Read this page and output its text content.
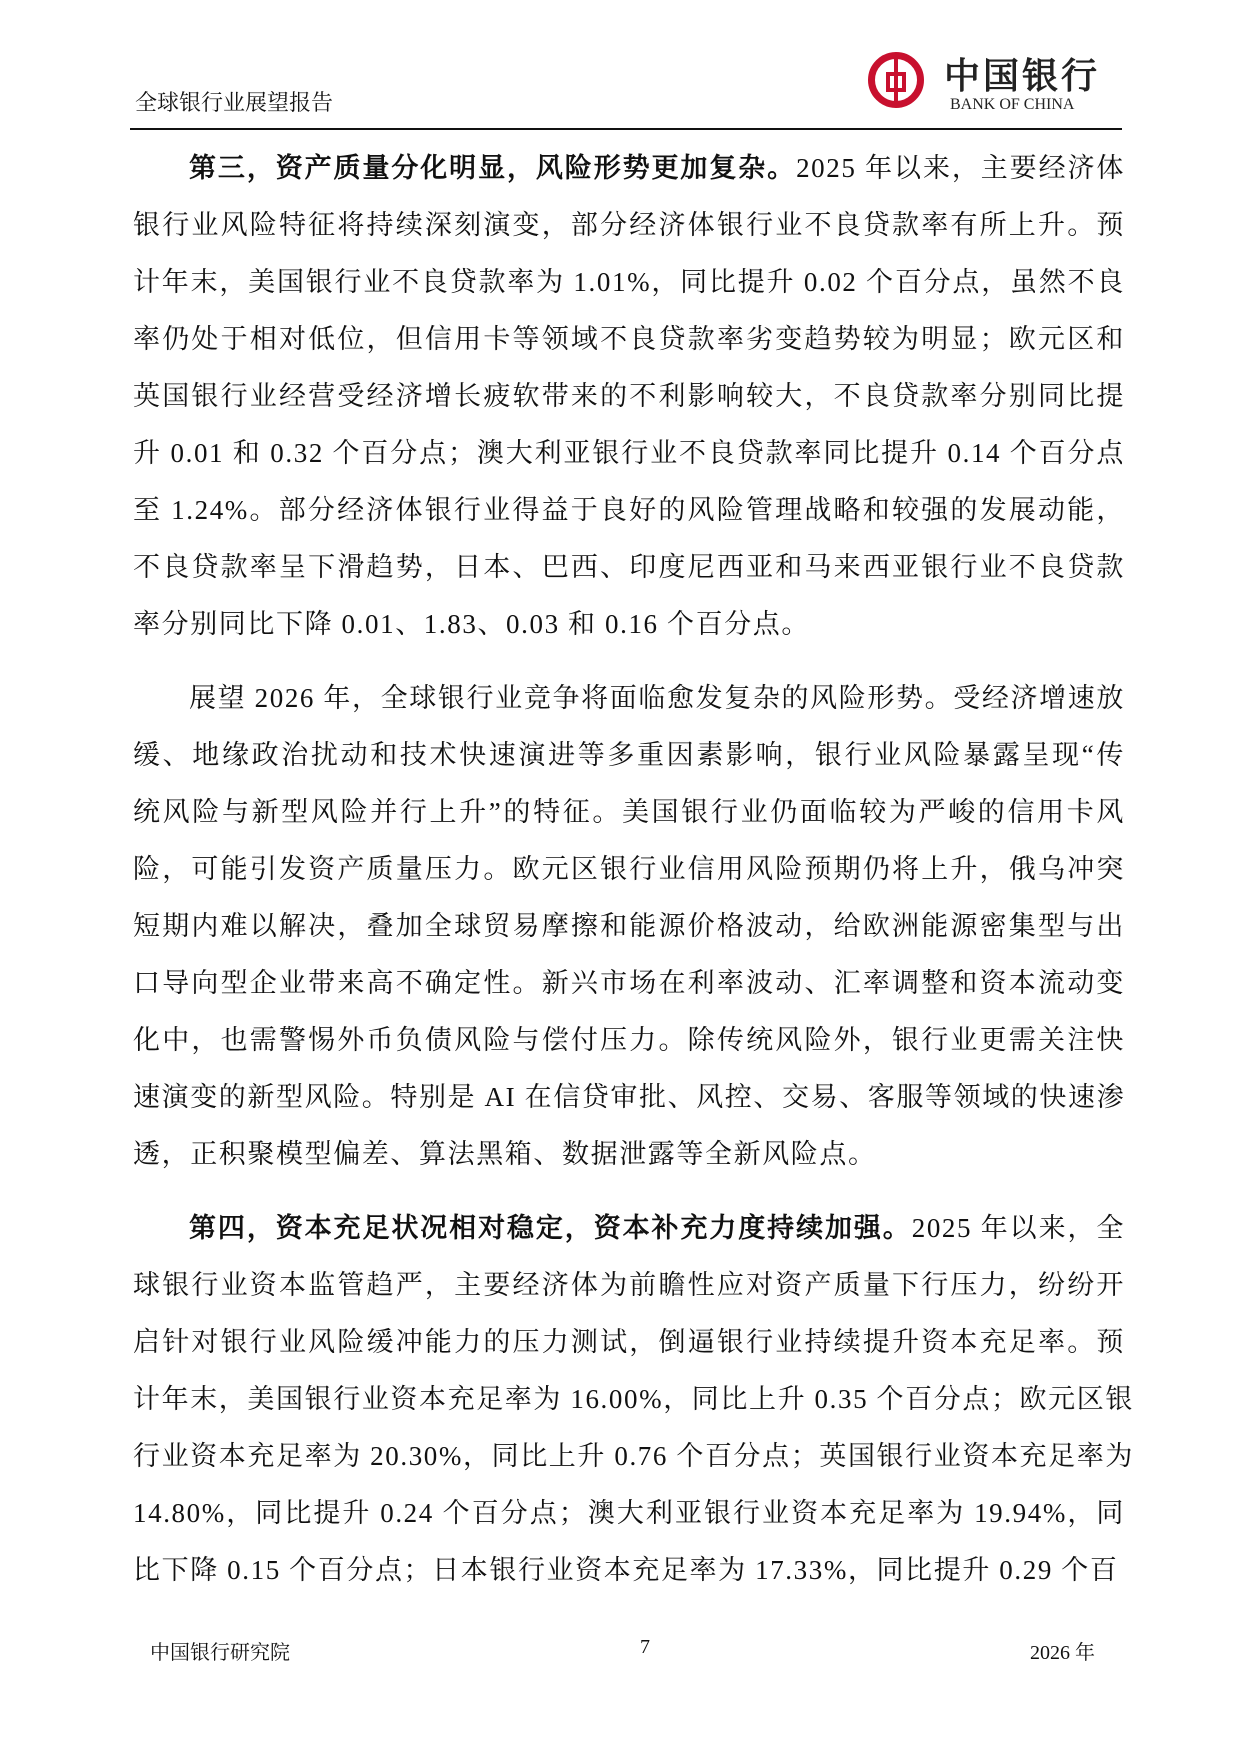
全球银行业展望报告
中国银行
BANK OF CHINA
第三，资产质量分化明显，风险形势更加复杂。2025 年以来，主要经济体
银行业风险特征将持续深刻演变，部分经济体银行业不良贷款率有所上升。预
计年末，美国银行业不良贷款率为 1.01%，同比提升 0.02 个百分点，虽然不良
率仍处于相对低位，但信用卡等领域不良贷款率劣变趋势较为明显；欧元区和
英国银行业经营受经济增长疲软带来的不利影响较大，不良贷款率分别同比提
升 0.01 和 0.32 个百分点；澳大利亚银行业不良贷款率同比提升 0.14 个百分点
至 1.24%。部分经济体银行业得益于良好的风险管理战略和较强的发展动能，
不良贷款率呈下滑趋势，日本、巴西、印度尼西亚和马来西亚银行业不良贷款
率分别同比下降 0.01、1.83、0.03 和 0.16 个百分点。
展望 2026 年，全球银行业竞争将面临愈发复杂的风险形势。受经济增速放
缓、地缘政治扰动和技术快速演进等多重因素影响，银行业风险暴露呈现“传
统风险与新型风险并行上升”的特征。美国银行业仍面临较为严峻的信用卡风
险，可能引发资产质量压力。欧元区银行业信用风险预期仍将上升，俄乌冲突
短期内难以解决，叠加全球贸易摩擦和能源价格波动，给欧洲能源密集型与出
口导向型企业带来高不确定性。新兴市场在利率波动、汇率调整和资本流动变
化中，也需警惕外币负债风险与偿付压力。除传统风险外，银行业更需关注快
速演变的新型风险。特别是 AI 在信贷审批、风控、交易、客服等领域的快速渗
透，正积聚模型偏差、算法黑箱、数据泄露等全新风险点。
第四，资本充足状况相对稳定，资本补充力度持续加强。2025 年以来，全
球银行业资本监管趋严，主要经济体为前瞻性应对资产质量下行压力，纷纷开
启针对银行业风险缓冲能力的压力测试，倒逼银行业持续提升资本充足率。预
计年末，美国银行业资本充足率为 16.00%，同比上升 0.35 个百分点；欧元区银
行业资本充足率为 20.30%，同比上升 0.76 个百分点；英国银行业资本充足率为
14.80%，同比提升 0.24 个百分点；澳大利亚银行业资本充足率为 19.94%，同
比下降 0.15 个百分点；日本银行业资本充足率为 17.33%，同比提升 0.29 个百
中国银行研究院	7	2026 年
